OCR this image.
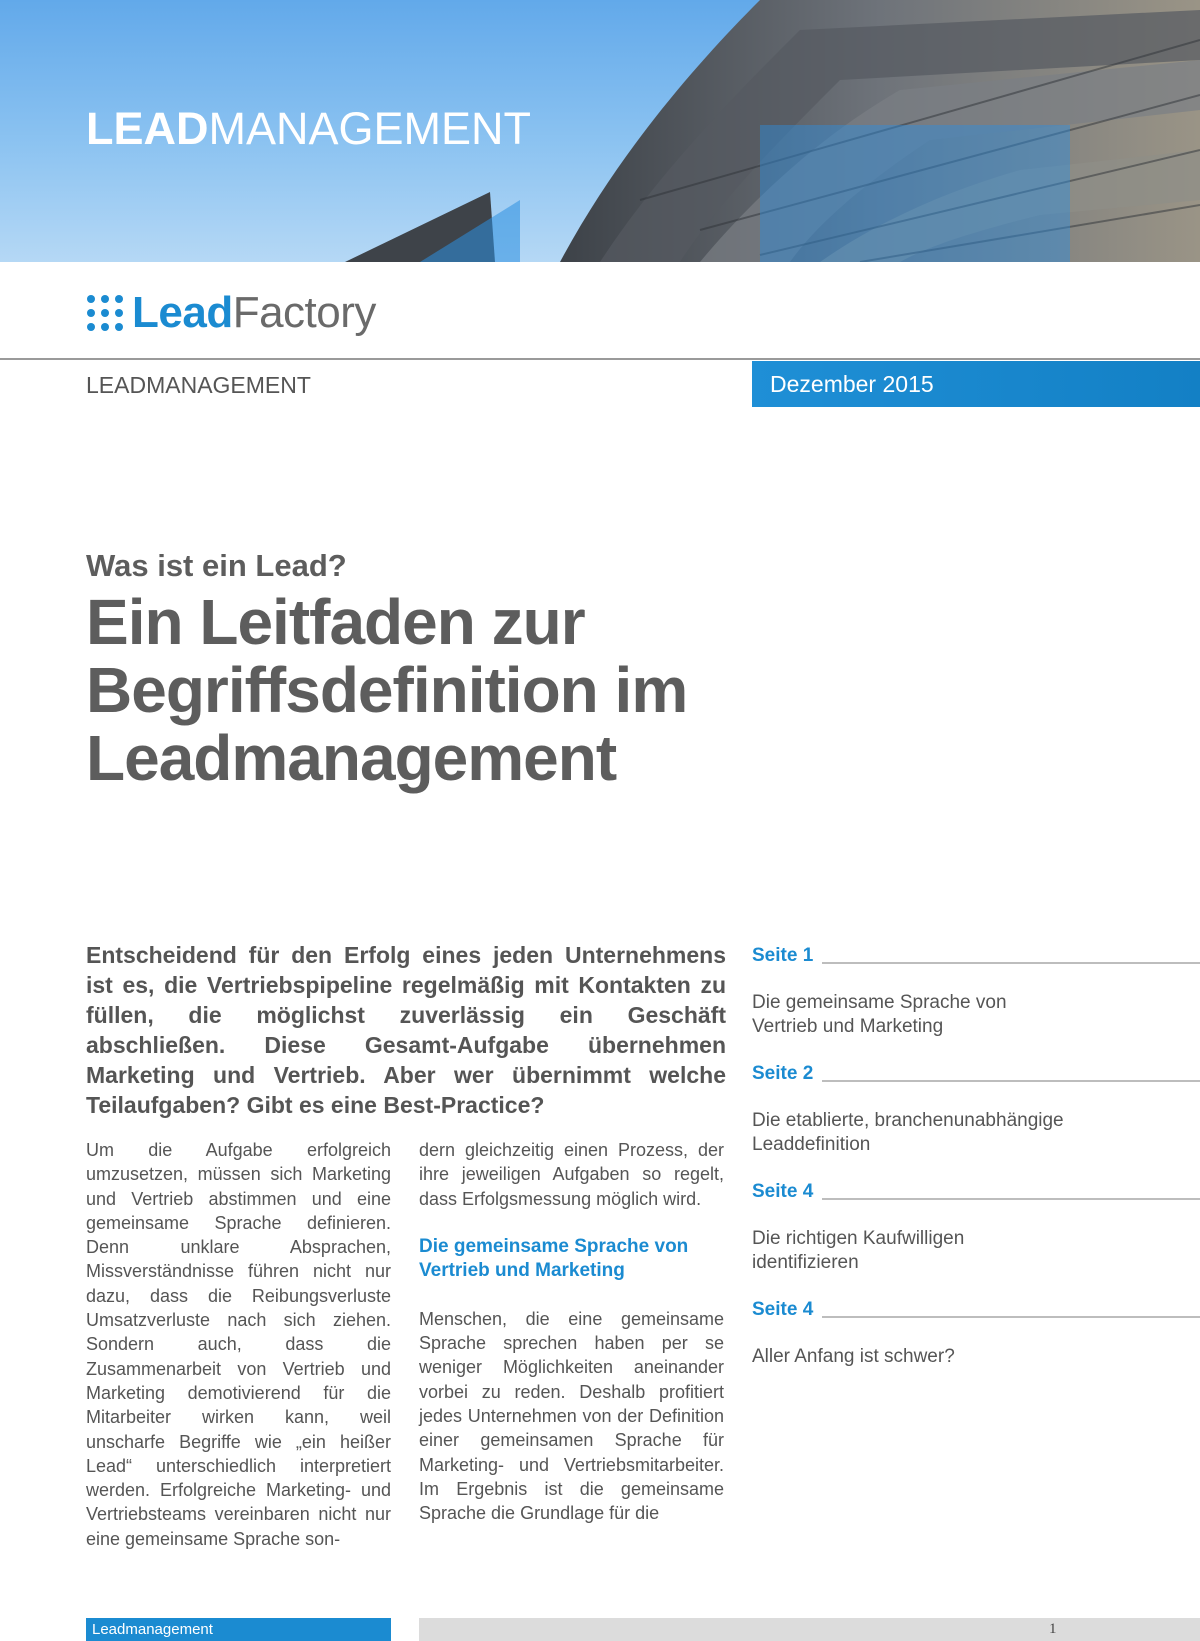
LEADMANAGEMENT
LeadFactory
LEADMANAGEMENT	Dezember 2015
Was ist ein Lead?
Ein Leitfaden zur Begriffsdefinition im Leadmanagement
Entscheidend für den Erfolg eines jeden Unternehmens ist es, die Vertriebspipeline regelmäßig mit Kontakten zu füllen, die möglichst zuverlässig ein Geschäft abschließen. Diese Gesamt-Aufgabe übernehmen Marketing und Vertrieb. Aber wer übernimmt welche Teilaufgaben? Gibt es eine Best-Practice?

Um die Aufgabe erfolgreich umzusetzen, müssen sich Marketing und Vertrieb abstimmen und eine gemeinsame Sprache definieren. Denn unklare Absprachen, Missverständnisse führen nicht nur dazu, dass die Reibungsverluste Umsatzverluste nach sich ziehen. Sondern auch, dass die Zusammenarbeit von Vertrieb und Marketing demotivierend für die Mitarbeiter wirken kann, weil unscharfe Begriffe wie „ein heißer Lead“ unterschiedlich interpretiert werden. Erfolgreiche Marketing- und Vertriebsteams vereinbaren nicht nur eine gemeinsame Sprache son-

dern gleichzeitig einen Prozess, der ihre jeweiligen Aufgaben so regelt, dass Erfolgsmessung möglich wird.

Die gemeinsame Sprache von Vertrieb und Marketing

Menschen, die eine gemeinsame Sprache sprechen haben per se weniger Möglichkeiten aneinander vorbei zu reden. Deshalb profitiert jedes Unternehmen von der Definition einer gemeinsamen Sprache für Marketing- und Vertriebsmitarbeiter. Im Ergebnis ist die gemeinsame Sprache die Grundlage für die

Seite 1
Die gemeinsame Sprache von Vertrieb und Marketing
Seite 2
Die etablierte, branchenunabhängige Leaddefinition
Seite 4
Die richtigen Kaufwilligen identifizieren
Seite 4
Aller Anfang ist schwer?
Leadmanagement	1
